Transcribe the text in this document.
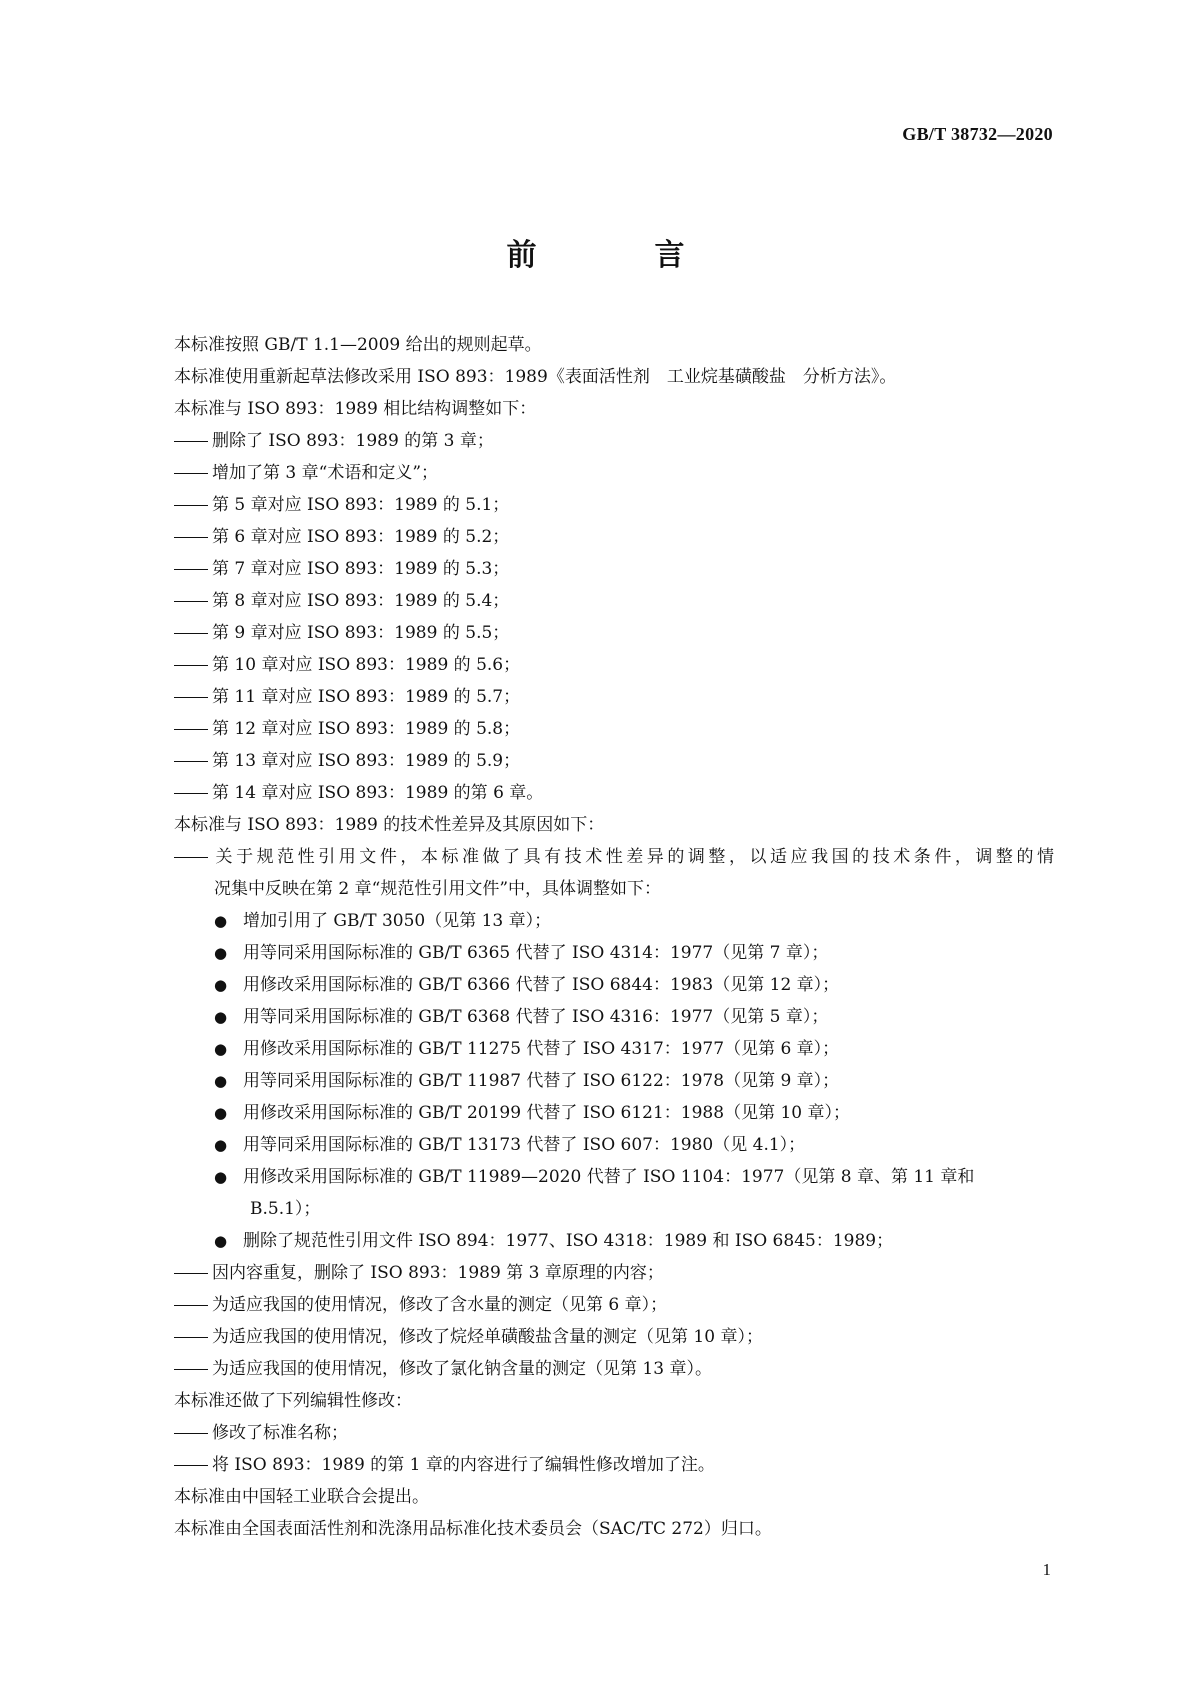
GB/T 38732—2020
前　言
本标准按照 GB/T 1.1—2009 给出的规则起草。
本标准使用重新起草法修改采用 ISO 893：1989《表面活性剂　工业烷基磺酸盐　分析方法》。
本标准与 ISO 893：1989 相比结构调整如下：
删除了 ISO 893：1989 的第 3 章；
增加了第 3 章“术语和定义”；
第 5 章对应 ISO 893：1989 的 5.1；
第 6 章对应 ISO 893：1989 的 5.2；
第 7 章对应 ISO 893：1989 的 5.3；
第 8 章对应 ISO 893：1989 的 5.4；
第 9 章对应 ISO 893：1989 的 5.5；
第 10 章对应 ISO 893：1989 的 5.6；
第 11 章对应 ISO 893：1989 的 5.7；
第 12 章对应 ISO 893：1989 的 5.8；
第 13 章对应 ISO 893：1989 的 5.9；
第 14 章对应 ISO 893：1989 的第 6 章。
本标准与 ISO 893：1989 的技术性差异及其原因如下：
关于规范性引用文件，本标准做了具有技术性差异的调整，以适应我国的技术条件，调整的情
况集中反映在第 2 章“规范性引用文件”中，具体调整如下：
● 增加引用了 GB/T 3050（见第 13 章）；
● 用等同采用国际标准的 GB/T 6365 代替了 ISO 4314：1977（见第 7 章）；
● 用修改采用国际标准的 GB/T 6366 代替了 ISO 6844：1983（见第 12 章）；
● 用等同采用国际标准的 GB/T 6368 代替了 ISO 4316：1977（见第 5 章）；
● 用修改采用国际标准的 GB/T 11275 代替了 ISO 4317：1977（见第 6 章）；
● 用等同采用国际标准的 GB/T 11987 代替了 ISO 6122：1978（见第 9 章）；
● 用修改采用国际标准的 GB/T 20199 代替了 ISO 6121：1988（见第 10 章）；
● 用等同采用国际标准的 GB/T 13173 代替了 ISO 607：1980（见 4.1）；
● 用修改采用国际标准的 GB/T 11989—2020 代替了 ISO 1104：1977（见第 8 章、第 11 章和
B.5.1）；
● 删除了规范性引用文件 ISO 894：1977、ISO 4318：1989 和 ISO 6845：1989；
因内容重复，删除了 ISO 893：1989 第 3 章原理的内容；
为适应我国的使用情况，修改了含水量的测定（见第 6 章）；
为适应我国的使用情况，修改了烷烃单磺酸盐含量的测定（见第 10 章）；
为适应我国的使用情况，修改了氯化钠含量的测定（见第 13 章）。
本标准还做了下列编辑性修改：
修改了标准名称；
将 ISO 893：1989 的第 1 章的内容进行了编辑性修改增加了注。
本标准由中国轻工业联合会提出。
本标准由全国表面活性剂和洗涤用品标准化技术委员会（SAC/TC 272）归口。
1
